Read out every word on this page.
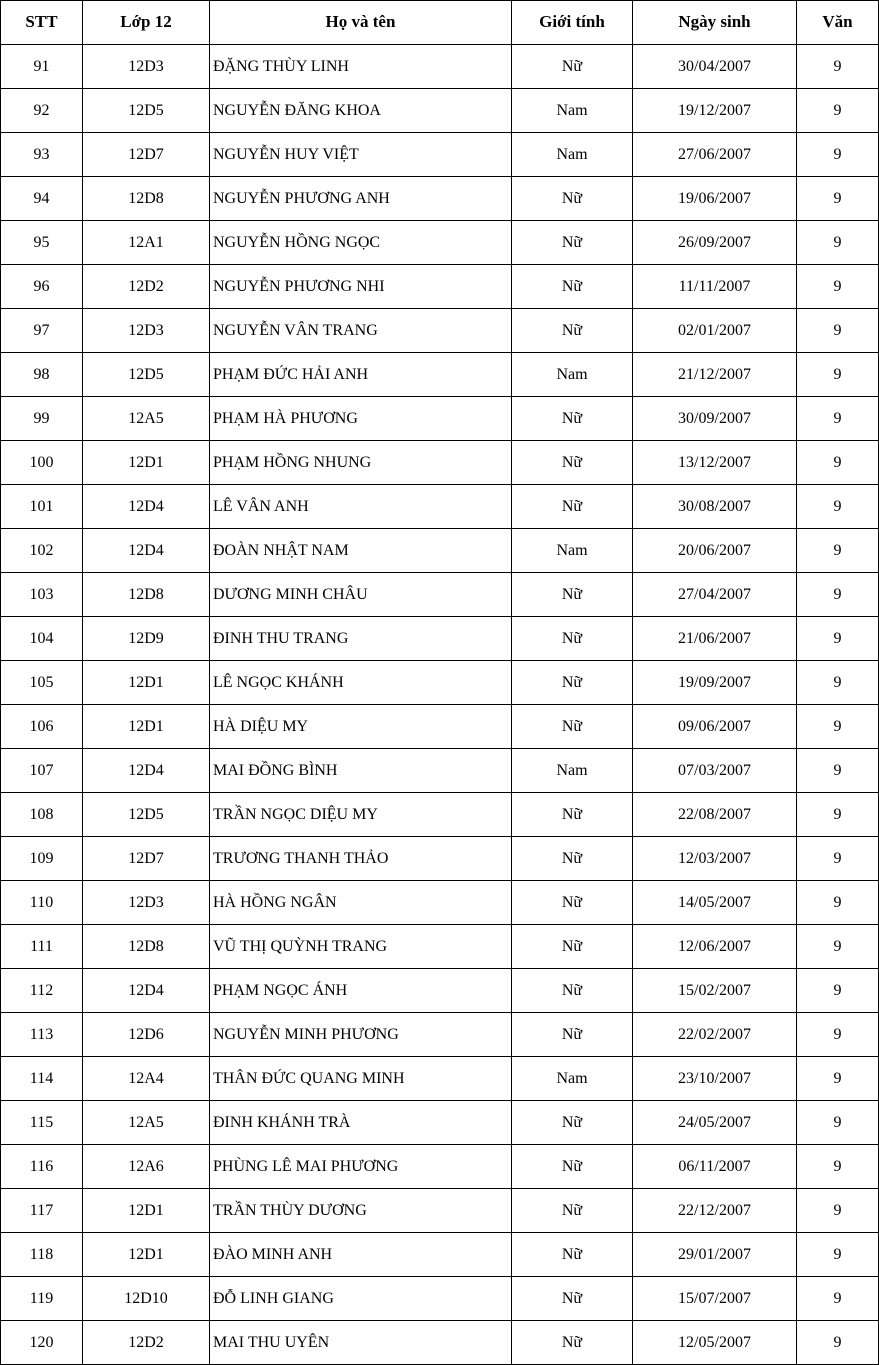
STT	Lớp 12	Họ và tên	Giới tính	Ngày sinh	Văn
91	12D3	ĐẶNG THÙY LINH	Nữ	30/04/2007	9
92	12D5	NGUYỄN ĐĂNG KHOA	Nam	19/12/2007	9
93	12D7	NGUYỄN HUY VIỆT	Nam	27/06/2007	9
94	12D8	NGUYỄN PHƯƠNG ANH	Nữ	19/06/2007	9
95	12A1	NGUYỄN HỒNG NGỌC	Nữ	26/09/2007	9
96	12D2	NGUYỄN PHƯƠNG NHI	Nữ	11/11/2007	9
97	12D3	NGUYỄN VÂN TRANG	Nữ	02/01/2007	9
98	12D5	PHẠM ĐỨC HẢI ANH	Nam	21/12/2007	9
99	12A5	PHẠM HÀ PHƯƠNG	Nữ	30/09/2007	9
100	12D1	PHẠM HỒNG NHUNG	Nữ	13/12/2007	9
101	12D4	LÊ VÂN ANH	Nữ	30/08/2007	9
102	12D4	ĐOÀN NHẬT NAM	Nam	20/06/2007	9
103	12D8	DƯƠNG MINH CHÂU	Nữ	27/04/2007	9
104	12D9	ĐINH THU TRANG	Nữ	21/06/2007	9
105	12D1	LÊ NGỌC KHÁNH	Nữ	19/09/2007	9
106	12D1	HÀ DIỆU MY	Nữ	09/06/2007	9
107	12D4	MAI ĐỒNG BÌNH	Nam	07/03/2007	9
108	12D5	TRẦN NGỌC DIỆU MY	Nữ	22/08/2007	9
109	12D7	TRƯƠNG THANH THẢO	Nữ	12/03/2007	9
110	12D3	HÀ HỒNG NGÂN	Nữ	14/05/2007	9
111	12D8	VŨ THỊ QUỲNH TRANG	Nữ	12/06/2007	9
112	12D4	PHẠM NGỌC ÁNH	Nữ	15/02/2007	9
113	12D6	NGUYỄN MINH PHƯƠNG	Nữ	22/02/2007	9
114	12A4	THÂN ĐỨC QUANG MINH	Nam	23/10/2007	9
115	12A5	ĐINH KHÁNH TRÀ	Nữ	24/05/2007	9
116	12A6	PHÙNG LÊ MAI PHƯƠNG	Nữ	06/11/2007	9
117	12D1	TRẦN THÙY DƯƠNG	Nữ	22/12/2007	9
118	12D1	ĐÀO MINH ANH	Nữ	29/01/2007	9
119	12D10	ĐỖ LINH GIANG	Nữ	15/07/2007	9
120	12D2	MAI THU UYÊN	Nữ	12/05/2007	9
